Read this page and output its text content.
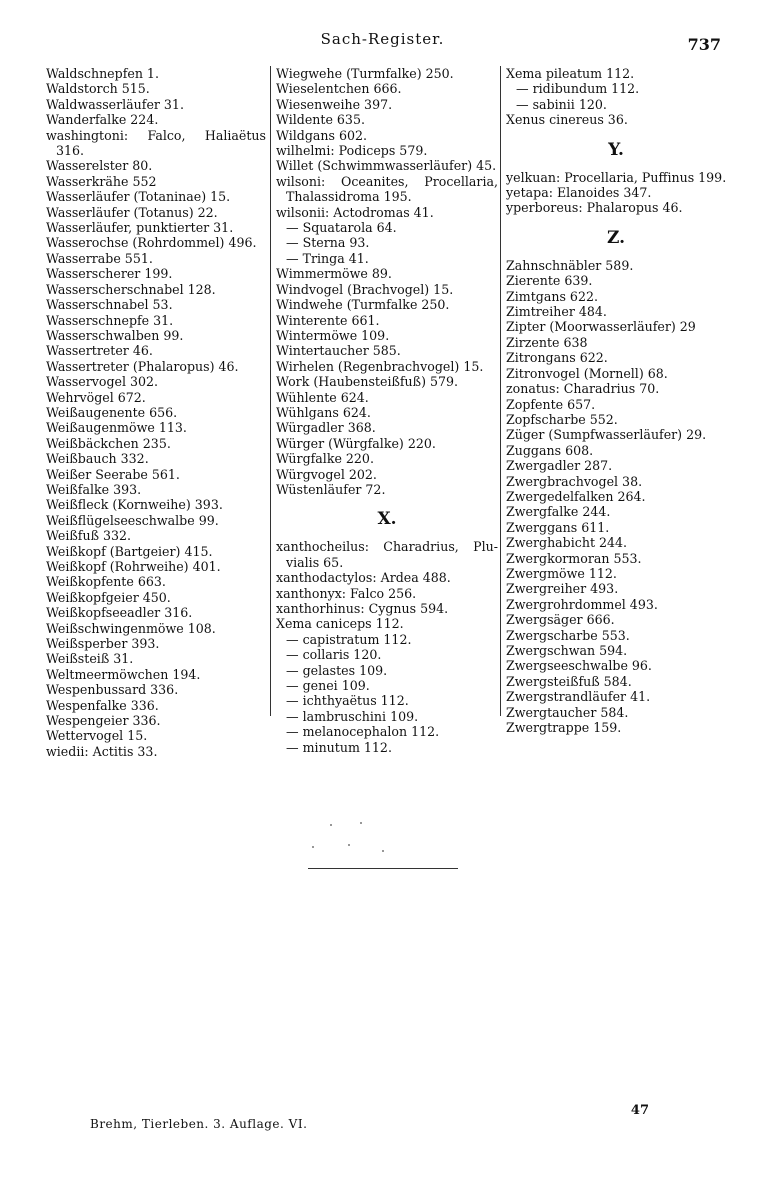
Sach-Register.	737
Waldschnepfen 1.
Waldstorch 515.
Waldwasserläufer 31.
Wanderfalke 224.
washingtoni: Falco, Haliaëtus
316.
Wasserelster 80.
Wasserkrähe 552
Wasserläufer (Totaninae) 15.
Wasserläufer (Totanus) 22.
Wasserläufer, punktierter 31.
Wasserochse (Rohrdommel) 496.
Wasserrabe 551.
Wasserscherer 199.
Wasserscherschnabel 128.
Wasserschnabel 53.
Wasserschnepfe 31.
Wasserschwalben 99.
Wassertreter 46.
Wassertreter (Phalaropus) 46.
Wasservogel 302.
Wehrvögel 672.
Weißaugenente 656.
Weißaugenmöwe 113.
Weißbäckchen 235.
Weißbauch 332.
Weißer Seerabe 561.
Weißfalke 393.
Weißfleck (Kornweihe) 393.
Weißflügelseeschwalbe 99.
Weißfuß 332.
Weißkopf (Bartgeier) 415.
Weißkopf (Rohrweihe) 401.
Weißkopfente 663.
Weißkopfgeier 450.
Weißkopfseeadler 316.
Weißschwingenmöwe 108.
Weißsperber 393.
Weißsteiß 31.
Weltmeermöwchen 194.
Wespenbussard 336.
Wespenfalke 336.
Wespengeier 336.
Wettervogel 15.
wiedii: Actitis 33.
Wiegwehe (Turmfalke) 250.
Wieselentchen 666.
Wiesenweihe 397.
Wildente 635.
Wildgans 602.
wilhelmi: Podiceps 579.
Willet (Schwimmwasserläufer) 45.
wilsoni: Oceanites, Procellaria,
Thalassidroma 195.
wilsonii: Actodromas 41.
— Squatarola 64.
— Sterna 93.
— Tringa 41.
Wimmermöwe 89.
Windvogel (Brachvogel) 15.
Windwehe (Turmfalke 250.
Winterente 661.
Wintermöwe 109.
Wintertaucher 585.
Wirhelen (Regenbrachvogel) 15.
Work (Haubensteißfuß) 579.
Wühlente 624.
Wühlgans 624.
Würgadler 368.
Würger (Würgfalke) 220.
Würgfalke 220.
Würgvogel 202.
Wüstenläufer 72.
X.
xanthocheilus: Charadrius, Plu-
vialis 65.
xanthodactylos: Ardea 488.
xanthonyx: Falco 256.
xanthorhinus: Cygnus 594.
Xema caniceps 112.
— capistratum 112.
— collaris 120.
— gelastes 109.
— genei 109.
— ichthyaëtus 112.
— lambruschini 109.
— melanocephalon 112.
— minutum 112.
Xema pileatum 112.
— ridibundum 112.
— sabinii 120.
Xenus cinereus 36.
Y.
yelkuan: Procellaria, Puffinus 199.
yetapa: Elanoides 347.
yperboreus: Phalaropus 46.
Z.
Zahnschnäbler 589.
Zierente 639.
Zimtgans 622.
Zimtreiher 484.
Zipter (Moorwasserläufer) 29
Zirzente 638
Zitrongans 622.
Zitronvogel (Mornell) 68.
zonatus: Charadrius 70.
Zopfente 657.
Zopfscharbe 552.
Züger (Sumpfwasserläufer) 29.
Zuggans 608.
Zwergadler 287.
Zwergbrachvogel 38.
Zwergedelfalken 264.
Zwergfalke 244.
Zwerggans 611.
Zwerghabicht 244.
Zwergkormoran 553.
Zwergmöwe 112.
Zwergreiher 493.
Zwergrohrdommel 493.
Zwergsäger 666.
Zwergscharbe 553.
Zwergschwan 594.
Zwergseeschwalbe 96.
Zwergsteißfuß 584.
Zwergstrandläufer 41.
Zwergtaucher 584.
Zwergtrappe 159.
Brehm, Tierleben. 3. Auflage. VI.
47
